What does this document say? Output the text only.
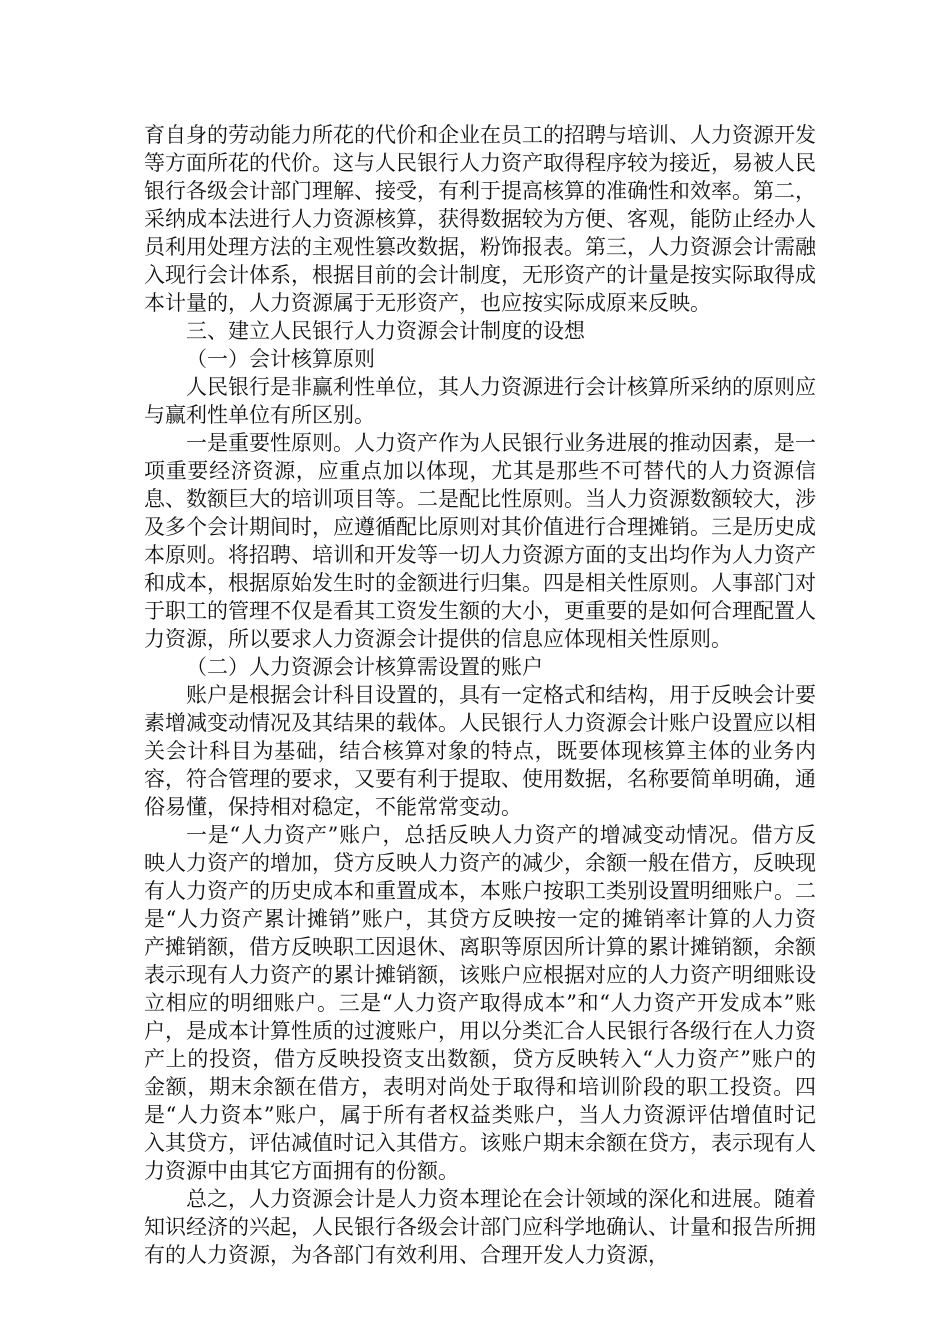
育自身的劳动能力所花的代价和企业在员工的招聘与培训、人力资源开发等方面所花的代价。这与人民银行人力资产取得程序较为接近，易被人民银行各级会计部门理解、接受，有利于提高核算的准确性和效率。第二，采纳成本法进行人力资源核算，获得数据较为方便、客观，能防止经办人员利用处理方法的主观性篡改数据，粉饰报表。第三，人力资源会计需融入现行会计体系，根据目前的会计制度，无形资产的计量是按实际取得成本计量的，人力资源属于无形资产，也应按实际成原来反映。

三、建立人民银行人力资源会计制度的设想

（一）会计核算原则

人民银行是非赢利性单位，其人力资源进行会计核算所采纳的原则应与赢利性单位有所区别。

一是重要性原则。人力资产作为人民银行业务进展的推动因素，是一项重要经济资源，应重点加以体现，尤其是那些不可替代的人力资源信息、数额巨大的培训项目等。二是配比性原则。当人力资源数额较大，涉及多个会计期间时，应遵循配比原则对其价值进行合理摊销。三是历史成本原则。将招聘、培训和开发等一切人力资源方面的支出均作为人力资产和成本，根据原始发生时的金额进行归集。四是相关性原则。人事部门对于职工的管理不仅是看其工资发生额的大小，更重要的是如何合理配置人力资源，所以要求人力资源会计提供的信息应体现相关性原则。

（二）人力资源会计核算需设置的账户

账户是根据会计科目设置的，具有一定格式和结构，用于反映会计要素增减变动情况及其结果的载体。人民银行人力资源会计账户设置应以相关会计科目为基础，结合核算对象的特点，既要体现核算主体的业务内容，符合管理的要求，又要有利于提取、使用数据，名称要简单明确，通俗易懂，保持相对稳定，不能常常变动。

一是“人力资产”账户，总括反映人力资产的增减变动情况。借方反映人力资产的增加，贷方反映人力资产的减少，余额一般在借方，反映现有人力资产的历史成本和重置成本，本账户按职工类别设置明细账户。二是“人力资产累计摊销”账户，其贷方反映按一定的摊销率计算的人力资产摊销额，借方反映职工因退休、离职等原因所计算的累计摊销额，余额表示现有人力资产的累计摊销额，该账户应根据对应的人力资产明细账设立相应的明细账户。三是“人力资产取得成本”和“人力资产开发成本”账户，是成本计算性质的过渡账户，用以分类汇合人民银行各级行在人力资产上的投资，借方反映投资支出数额，贷方反映转入“人力资产”账户的金额，期末余额在借方，表明对尚处于取得和培训阶段的职工投资。四是“人力资本”账户，属于所有者权益类账户，当人力资源评估增值时记入其贷方，评估减值时记入其借方。该账户期末余额在贷方，表示现有人力资源中由其它方面拥有的份额。

总之，人力资源会计是人力资本理论在会计领域的深化和进展。随着知识经济的兴起，人民银行各级会计部门应科学地确认、计量和报告所拥有的人力资源，为各部门有效利用、合理开发人力资源，
